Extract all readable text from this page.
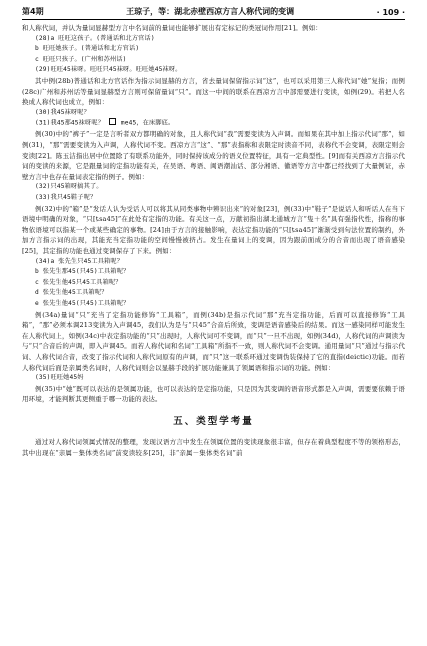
第4期	王琼子，等：湖北赤壁西凉方言人称代词的变调	· 109 ·

和人称代词，并认为量词显赫型方言中名词前的量词也能够扩展出有定标记的类冠词作用[21]。例如：

(28)a 旺旺这孩子。(普通话和北方官话)

b 旺旺她孩子。(普通话和北方官话)

c 旺旺只孩子。(广州和苏州话)

(29)旺旺45袜呀。旺旺只45袜呀。旺旺她45袜呀。

其中例(28b)普通话和北方官话作为指示词显赫的方言，省去量词保留指示词“这”，也可以采用第三人称代词“她”复指；而例(28c)广州和苏州话等量词显赫型方言则可保留量词“只”。而这一中间的联系在西凉方言中部需要进行变读，如例(29)。若把人名换成人称代词也成立，例如：

(30)我45袜呀呢？

(31)我45那45袜呀呢？	me45，在床脚底。

例(30)中的“裤子”一定是言听者双方都明确的对象，且人称代词“我”需要变读为入声调。而如果在其中加上指示代词“那”，如例(31)，“那”需要变读为入声调，人称代词不变。西凉方言“这”、“那”表指称和表限定时读音不同，表称代不会变调，表限定则会变读[22]。陈玉洁指出居中位置除了有联系功能外，同时保持该成分的语义位置特征，具有一定典型性。[9]而有关西凉方言指示代词的变读的来源，它是跟量词的定指功能有关，在吴语、粤语、闽语潮汕话、部分湘语、徽语等方言中都已经找到了大量例证，赤壁方言中也存在量词表定指的例子。例如：

(32)只45箱呀搞其了。

(33)我只45鞋子呢？

例(32)中的“箱”是“发话人认为受话人可以将其从同类事物中辨识出来”的对象[23]，例(33)中“鞋子”是说话人和听话人在当下语境中明确的对象，“只[ȶsa45]”在此处有定指的功能。有关这一点，万献初指出湖北通城方言“隻＋名”具有强指代性，指称的事物依语境可以指某一个或某些确定的事物。[24]由于方言的接触影响，表达定指功能的“只[ȶsa45]”渐渐受到句法位置的制约，外加方言指示词的出现，其能充当定指功能的空间慢慢被挤占。发生在量词上的变调，因为跟前面成分的合音而出现了语音感染[25]，其定指的功能也通过变调保存了下来。例如：

(34)a 张先生只45工具箱呢？

b 张先生那45(只45)工具箱呢？

c 张先生他45只45工具箱呢？

d 张先生他45工具箱呢？

e 张先生他45(只45)工具箱呢？

例(34a)量词“只”充当了定指功能修饰“工具箱”，而例(34b)是指示代词“那”充当定指功能，后面可以直接修饰“工具箱”，“那”必须本调213变读为入声调45，我们认为是与“只45”合音后所致，变调是语音感染后的结果。而这一感染同样可能发生在人称代词上，如例(34c)中表定指功能的“只”出现时，人称代词可不变调，而“只”一旦不出现，如例(34d)，人称代词的声调读为与“只”合音后的声调，即入声调45。而若人称代词和名词“工具箱”所指不一致，则人称代词不会变调。通用量词“只”通过与指示代词、人称代词合音，改变了指示代词和人称代词原有的声调，而“只”这一联系环通过变调伪装保持了它的直指(deictic)功能。而若人称代词后面是亲属类名词时，人称代词则会以显赫手段的扩展功能兼具了领属语和指示词的功能。例如：

(35)旺旺她45妈

例(35)中“她”既可以表达的是领属功能，也可以表达的是定指功能，只是因为其变调的语音形式都是入声调，需要要依赖于语用环境，才能判断其更侧重于哪一功能的表达。

五、类型学考量

通过对人称代词领属式情况的整理，发现汉语方言中发生在领属位置的变读现象很丰富，但存在着典型程度不等的领格形态，其中出现在“亲属－集体类名词”前变读较多[25]，非“亲属－集体类名词”前
